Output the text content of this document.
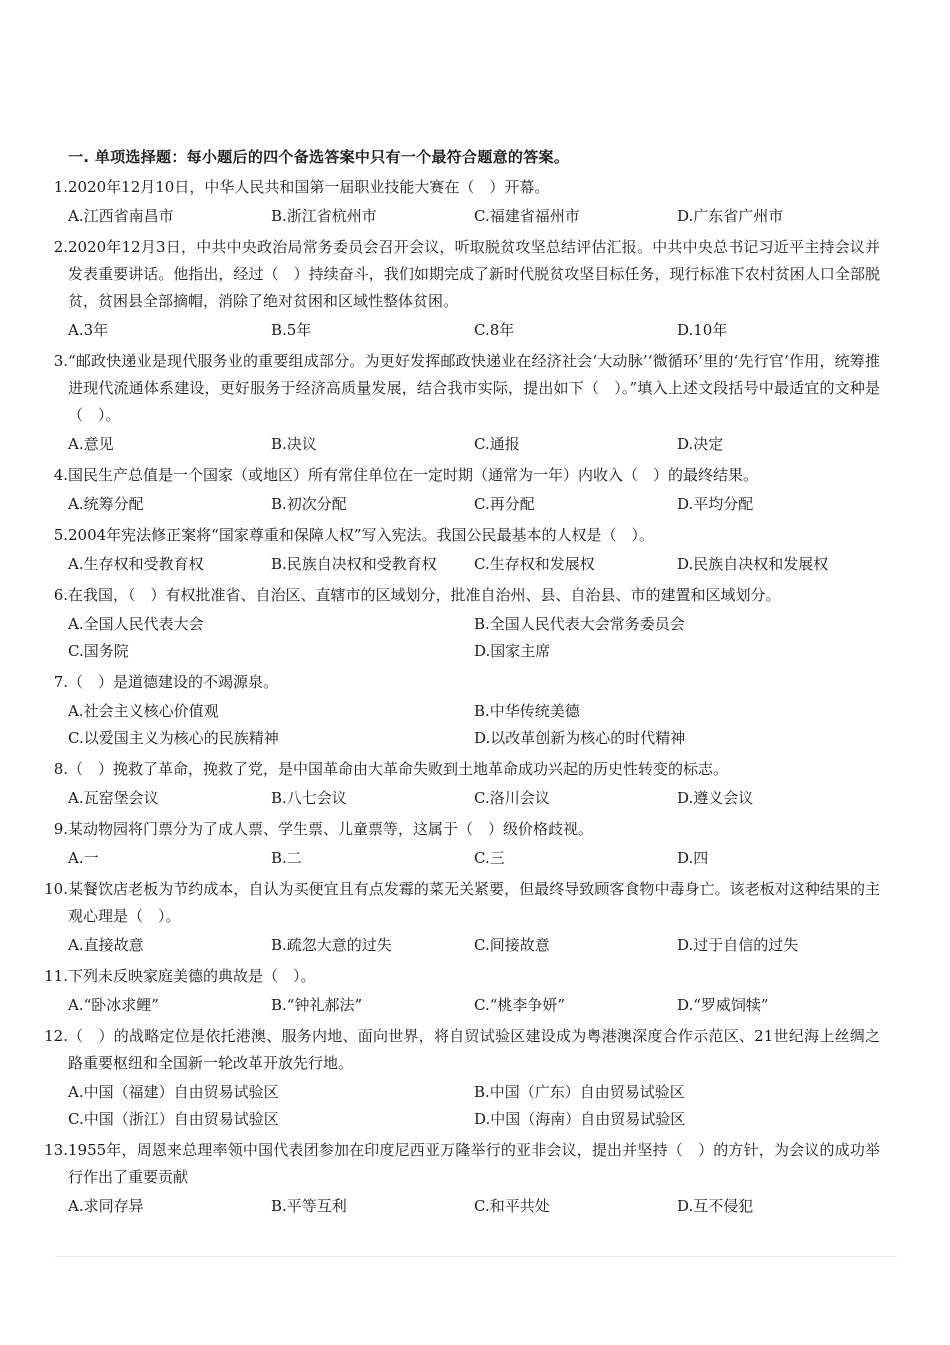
一. 单项选择题：每小题后的四个备选答案中只有一个最符合题意的答案。
1. 2020年12月10日，中华人民共和国第一届职业技能大赛在（　）开幕。
A.江西省南昌市	B.浙江省杭州市	C.福建省福州市	D.广东省广州市
2. 2020年12月3日，中共中央政治局常务委员会召开会议，听取脱贫攻坚总结评估汇报。中共中央总书记习近平主持会议并发表重要讲话。他指出，经过（　）持续奋斗，我们如期完成了新时代脱贫攻坚目标任务，现行标准下农村贫困人口全部脱贫，贫困县全部摘帽，消除了绝对贫困和区域性整体贫困。
A.3年	B.5年	C.8年	D.10年
3. “邮政快递业是现代服务业的重要组成部分。为更好发挥邮政快递业在经济社会‘大动脉’‘微循环’里的‘先行官’作用，统筹推进现代流通体系建设，更好服务于经济高质量发展，结合我市实际，提出如下（　）。”填入上述文段括号中最适宜的文种是（　）。
A.意见	B.决议	C.通报	D.决定
4. 国民生产总值是一个国家（或地区）所有常住单位在一定时期（通常为一年）内收入（　）的最终结果。
A.统筹分配	B.初次分配	C.再分配	D.平均分配
5. 2004年宪法修正案将“国家尊重和保障人权”写入宪法。我国公民最基本的人权是（　）。
A.生存权和受教育权	B.民族自决权和受教育权 C.生存权和发展权	D.民族自决权和发展权
6. 在我国，（　）有权批准省、自治区、直辖市的区域划分，批准自治州、县、自治县、市的建置和区域划分。
A.全国人民代表大会	B.全国人民代表大会常务委员会C.国务院	D.国家主席
7. （　）是道德建设的不竭源泉。
A.社会主义核心价值观	B.中华传统美德C.以爱国主义为核心的民族精神	D.以改革创新为核心的时代精神
8. （　）挽救了革命，挽救了党，是中国革命由大革命失败到土地革命成功兴起的历史性转变的标志。
A.瓦窑堡会议	B.八七会议	C.洛川会议	D.遵义会议
9. 某动物园将门票分为了成人票、学生票、儿童票等，这属于（　）级价格歧视。
A.一	B.二	C.三	D.四
10. 某餐饮店老板为节约成本，自认为买便宜且有点发霉的菜无关紧要，但最终导致顾客食物中毒身亡。该老板对这种结果的主观心理是（　）。
A.直接故意	B.疏忽大意的过失	C.间接故意	D.过于自信的过失
11. 下列未反映家庭美德的典故是（　）。
A.“卧冰求鲤”	B.“钟礼郝法”	C.“桃李争妍”	D.“罗威饲犊”
12. （　）的战略定位是依托港澳、服务内地、面向世界，将自贸试验区建设成为粤港澳深度合作示范区、21世纪海上丝绸之路重要枢纽和全国新一轮改革开放先行地。
A.中国（福建）自由贸易试验区	B.中国（广东）自由贸易试验区C.中国（浙江）自由贸易试验区	D.中国（海南）自由贸易试验区
13. 1955年，周恩来总理率领中国代表团参加在印度尼西亚万隆举行的亚非会议，提出并坚持（　）的方针，为会议的成功举行作出了重要贡献
A.求同存异	B.平等互利	C.和平共处	D.互不侵犯
